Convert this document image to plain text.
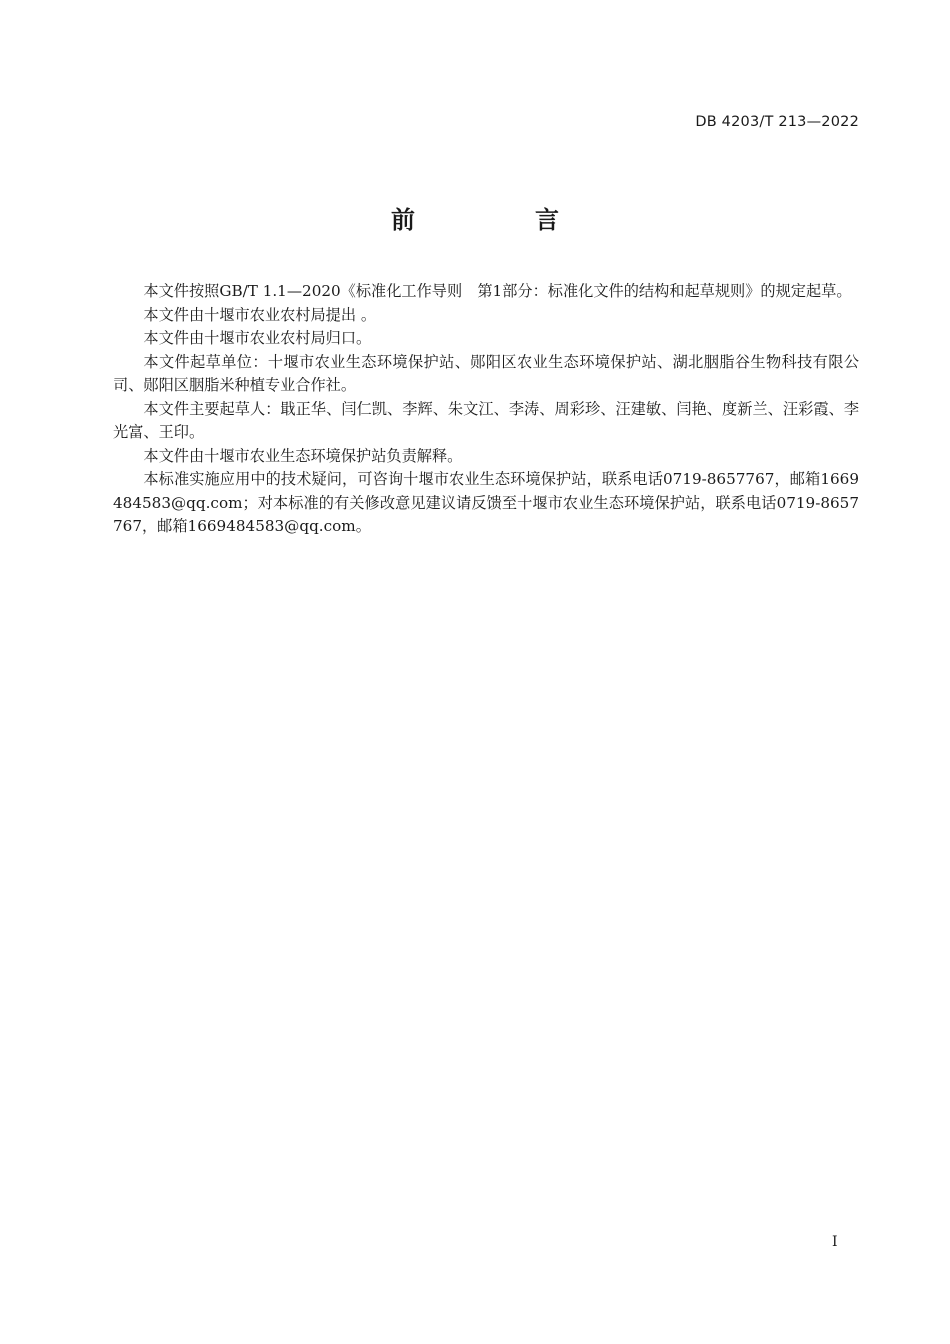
DB 4203/T 213—2022
前　言

本文件按照GB/T 1.1—2020《标准化工作导则　第1部分：标准化文件的结构和起草规则》的规定起草。

本文件由十堰市农业农村局提出 。

本文件由十堰市农业农村局归口。

本文件起草单位：十堰市农业生态环境保护站、郧阳区农业生态环境保护站、湖北胭脂谷生物科技有限公司、郧阳区胭脂米种植专业合作社。

本文件主要起草人：戢正华、闫仁凯、李辉、朱文江、李涛、周彩珍、汪建敏、闫艳、度新兰、汪彩霞、李光富、王印。

本文件由十堰市农业生态环境保护站负责解释。

本标准实施应用中的技术疑问，可咨询十堰市农业生态环境保护站，联系电话0719-8657767，邮箱1669484583@qq.com；对本标准的有关修改意见建议请反馈至十堰市农业生态环境保护站，联系电话0719-8657767，邮箱1669484583@qq.com。

I
